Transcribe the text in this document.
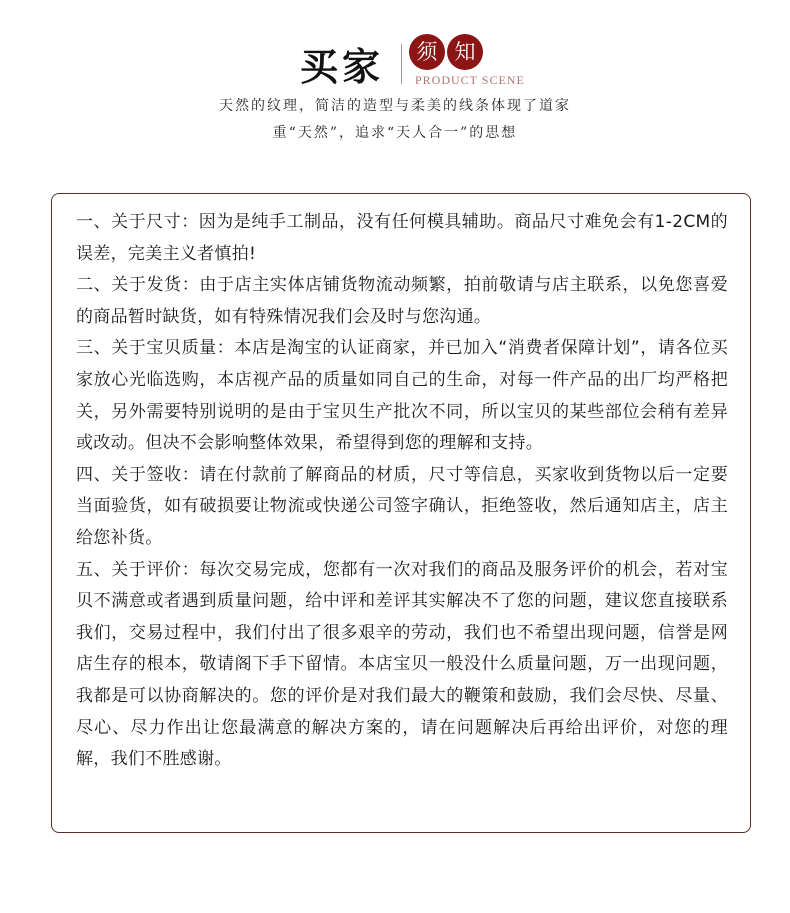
买家	须 知
PRODUCT SCENE
天然的纹理，简洁的造型与柔美的线条体现了道家
重“天然”，追求“天人合一”的思想

一、关于尺寸：因为是纯手工制品，没有任何模具辅助。商品尺寸难免会有1-2CM的误差，完美主义者慎拍!

二、关于发货：由于店主实体店铺货物流动频繁，拍前敬请与店主联系，以免您喜爱的商品暂时缺货，如有特殊情况我们会及时与您沟通。

三、关于宝贝质量：本店是淘宝的认证商家，并已加入“消费者保障计划”，请各位买家放心光临选购，本店视产品的质量如同自己的生命，对每一件产品的出厂均严格把关，另外需要特别说明的是由于宝贝生产批次不同，所以宝贝的某些部位会稍有差异或改动。但决不会影响整体效果，希望得到您的理解和支持。

四、关于签收：请在付款前了解商品的材质，尺寸等信息，买家收到货物以后一定要当面验货，如有破损要让物流或快递公司签字确认，拒绝签收，然后通知店主，店主给您补货。

五、关于评价：每次交易完成，您都有一次对我们的商品及服务评价的机会，若对宝贝不满意或者遇到质量问题，给中评和差评其实解决不了您的问题，建议您直接联系我们，交易过程中，我们付出了很多艰辛的劳动，我们也不希望出现问题，信誉是网店生存的根本，敬请阁下手下留情。本店宝贝一般没什么质量问题，万一出现问题，我都是可以协商解决的。您的评价是对我们最大的鞭策和鼓励，我们会尽快、尽量、尽心、尽力作出让您最满意的解决方案的，请在问题解决后再给出评价，对您的理解，我们不胜感谢。
